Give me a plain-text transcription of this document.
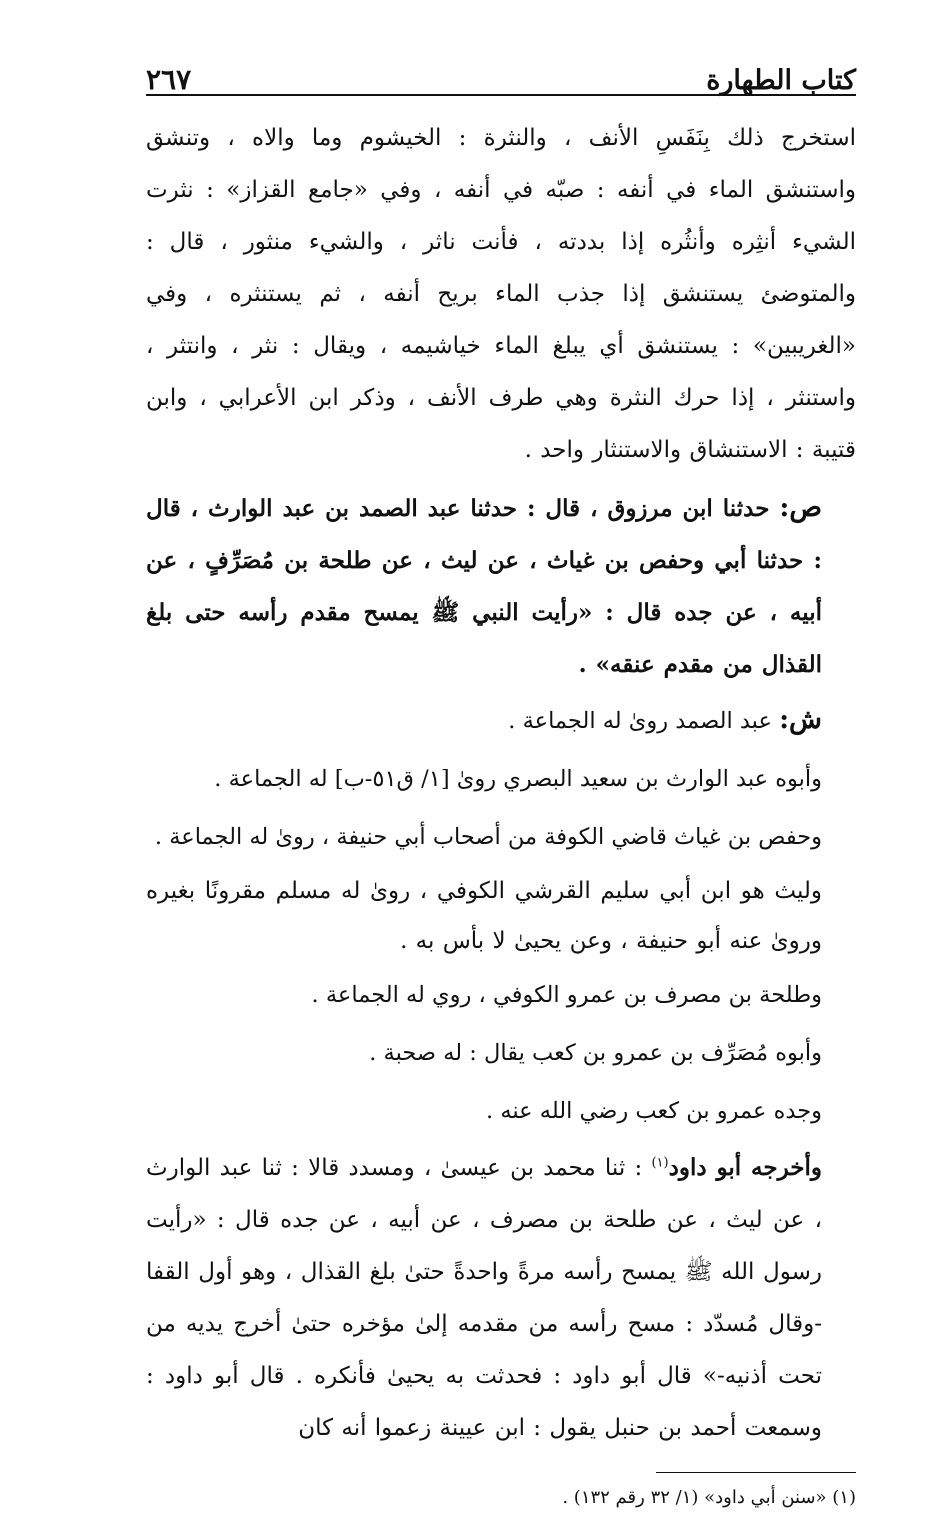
كتاب الطهارة
٢٦٧

استخرج ذلك بِنَفَسِ الأنف ، والنثرة : الخيشوم وما والاه ، وتنشق واستنشق الماء في أنفه : صبّه في أنفه ، وفي «جامع القزاز» : نثرت الشيء أنثِره وأنثُره إذا بددته ، فأنت ناثر ، والشيء منثور ، قال : والمتوضئ يستنشق إذا جذب الماء بريح أنفه ، ثم يستنثره ، وفي «الغريبين» : يستنشق أي يبلغ الماء خياشيمه ، ويقال : نثر ، وانتثر ، واستنثر ، إذا حرك النثرة وهي طرف الأنف ، وذكر ابن الأعرابي ، وابن قتيبة : الاستنشاق والاستنثار واحد .

ص: حدثنا ابن مرزوق ، قال : حدثنا عبد الصمد بن عبد الوارث ، قال : حدثنا أبي وحفص بن غياث ، عن ليث ، عن طلحة بن مُصَرِّفٍ ، عن أبيه ، عن جده قال : «رأيت النبي ﷺ يمسح مقدم رأسه حتى بلغ القذال من مقدم عنقه» .

ش: عبد الصمد روىٰ له الجماعة .

وأبوه عبد الوارث بن سعيد البصري روىٰ [١/ ق٥١-ب] له الجماعة .

وحفص بن غياث قاضي الكوفة من أصحاب أبي حنيفة ، روىٰ له الجماعة .

وليث هو ابن أبي سليم القرشي الكوفي ، روىٰ له مسلم مقرونًا بغيره وروىٰ عنه أبو حنيفة ، وعن يحيىٰ لا بأس به .

وطلحة بن مصرف بن عمرو الكوفي ، روي له الجماعة .

وأبوه مُصَرِّف بن عمرو بن كعب يقال : له صحبة .

وجده عمرو بن كعب رضي الله عنه .

وأخرجه أبو داود$^{(١)}$ : ثنا محمد بن عيسىٰ ، ومسدد قالا : ثنا عبد الوارث ، عن ليث ، عن طلحة بن مصرف ، عن أبيه ، عن جده قال : «رأيت رسول الله ﷺ يمسح رأسه مرةً واحدةً حتىٰ بلغ القذال ، وهو أول القفا -وقال مُسدّد : مسح رأسه من مقدمه إلىٰ مؤخره حتىٰ أخرج يديه من تحت أذنيه-» قال أبو داود : فحدثت به يحيىٰ فأنكره . قال أبو داود : وسمعت أحمد بن حنبل يقول : ابن عيينة زعموا أنه كان

(١) «سنن أبي داود» (١/ ٣٢ رقم ١٣٢) .
